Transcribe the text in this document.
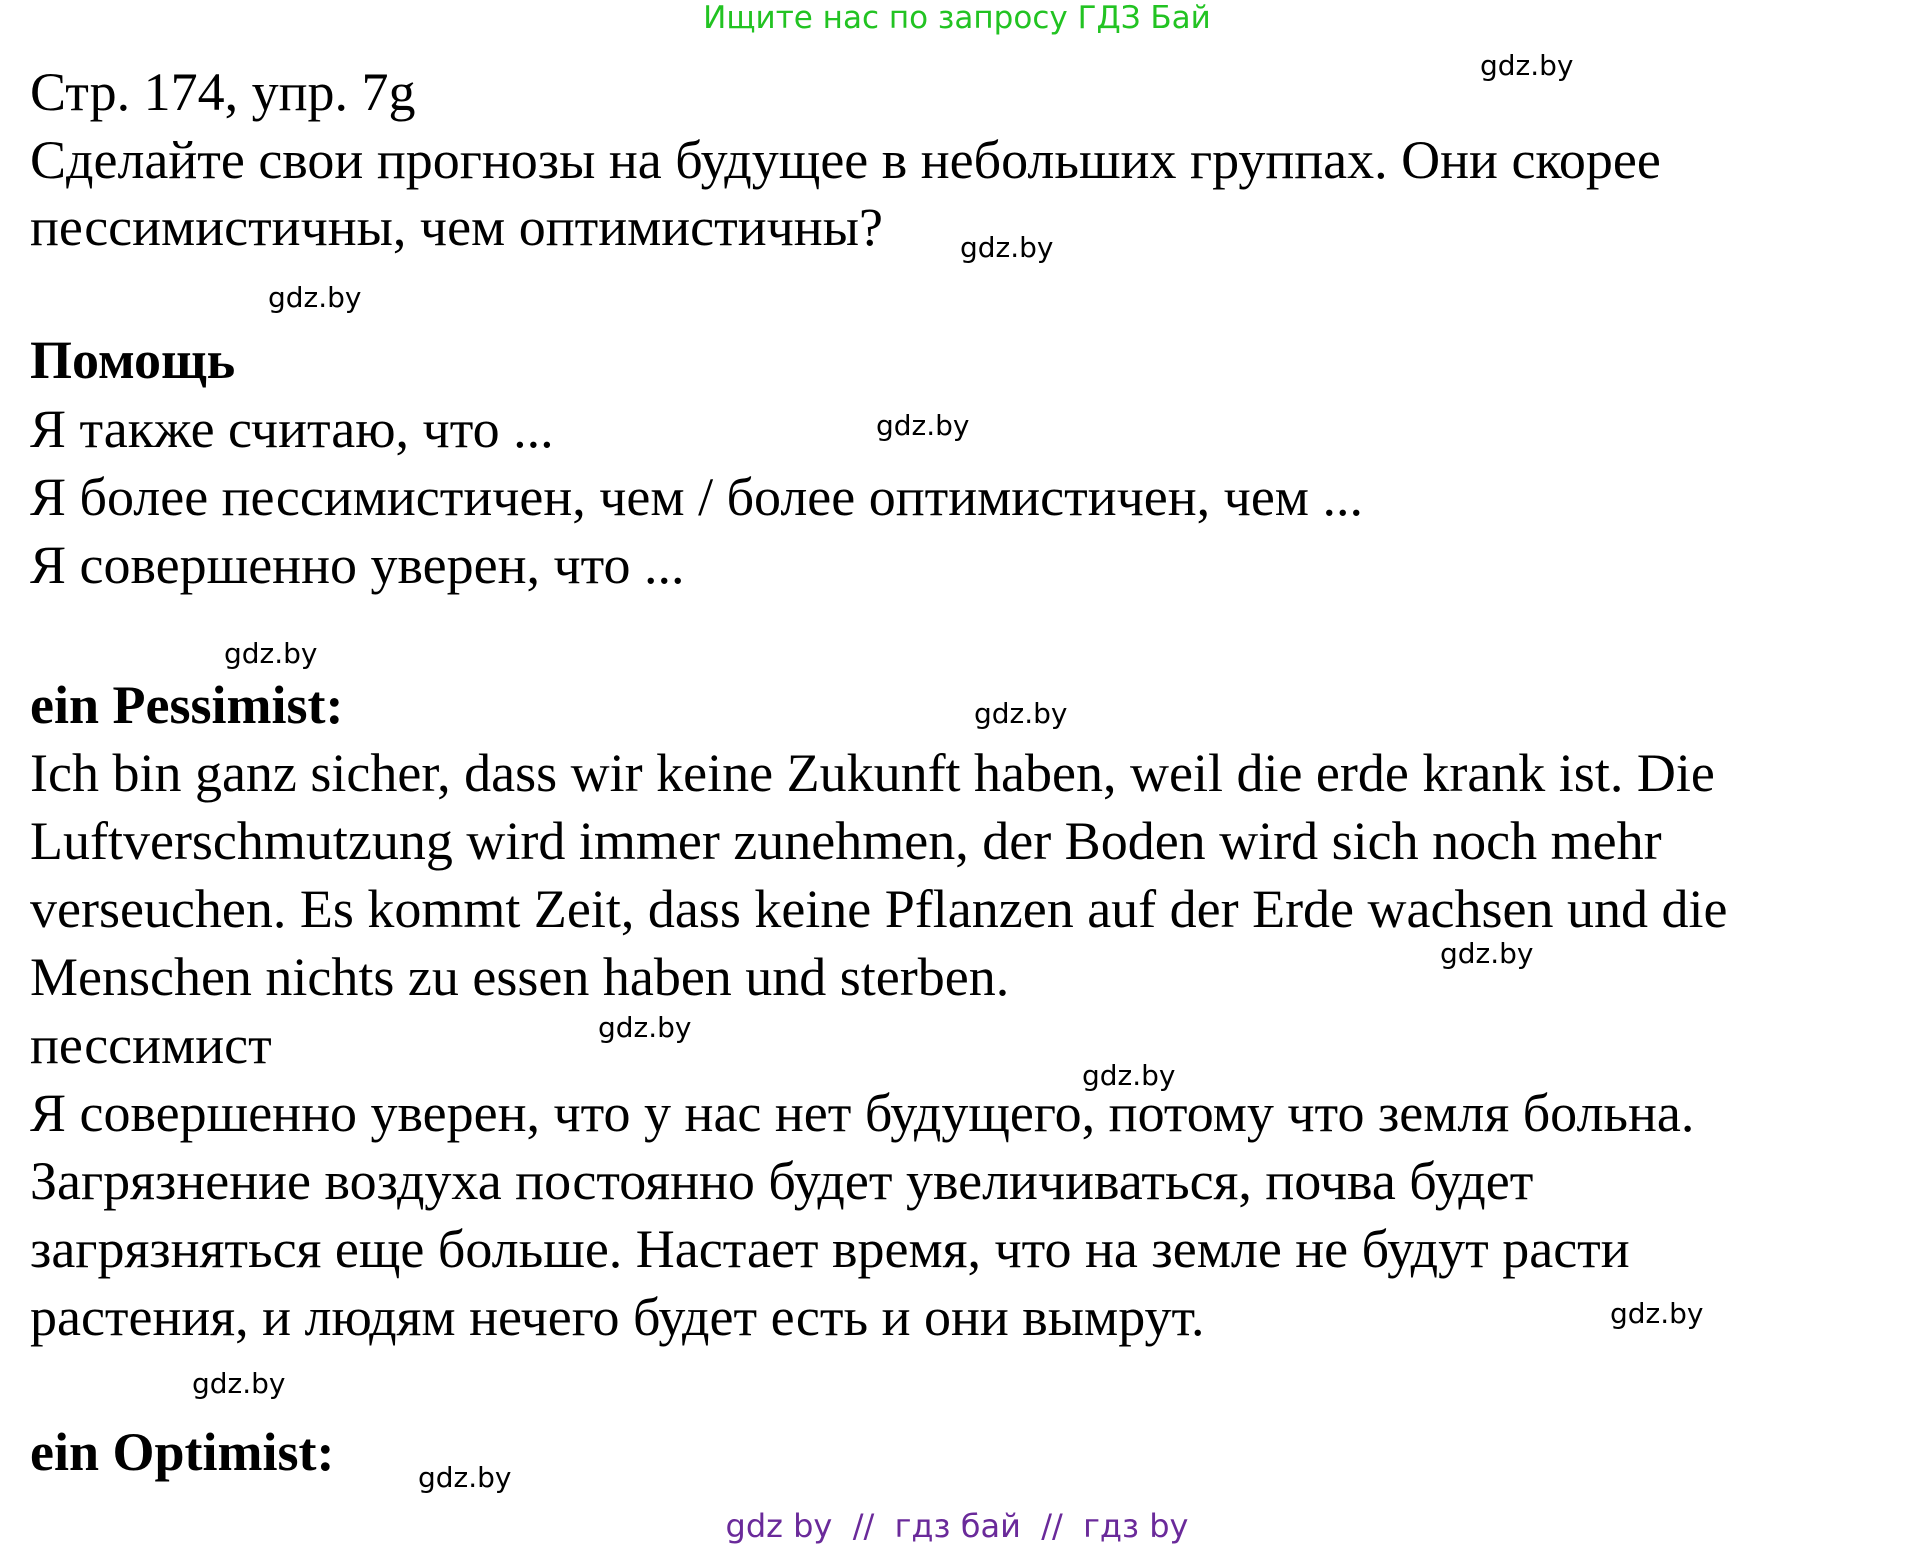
Ищите нас по запросу ГДЗ Бай
Стр. 174, упр. 7g
Сделайте свои прогнозы на будущее в небольших группах. Они скорее
пессимистичны, чем оптимистичны?
Помощь
Я также считаю, что ...
Я более пессимистичен, чем / более оптимистичен, чем ...
Я совершенно уверен, что ...
ein Pessimist:
Ich bin ganz sicher, dass wir keine Zukunft haben, weil die erde krank ist. Die
Luftverschmutzung wird immer zunehmen, der Boden wird sich noch mehr
verseuchen. Es kommt Zeit, dass keine Pflanzen auf der Erde wachsen und die
Menschen nichts zu essen haben und sterben.
пессимист
Я совершенно уверен, что у нас нет будущего, потому что земля больна.
Загрязнение воздуха постоянно будет увеличиваться, почва будет
загрязняться еще больше. Настает время, что на земле не будут расти
растения, и людям нечего будет есть и они вымрут.
ein Optimist:
gdz.by
gdz.by
gdz.by
gdz.by
gdz.by
gdz.by
gdz.by
gdz.by
gdz.by
gdz.by
gdz.by
gdz.by
gdz by  //  гдз бай  //  гдз by
